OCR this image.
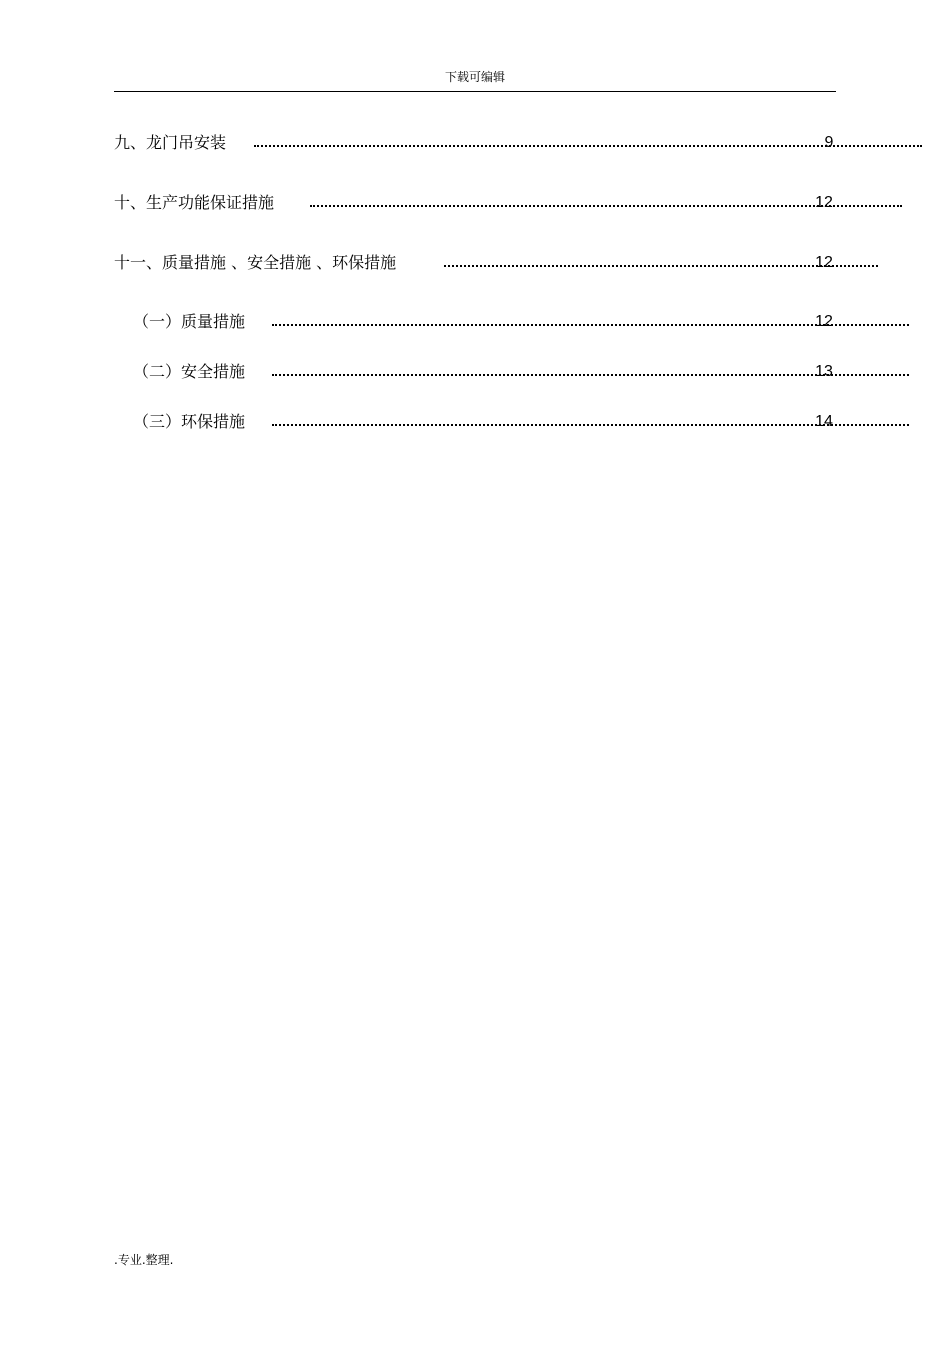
下载可编辑
九、龙门吊安装	9
十、生产功能保证措施	12
十一、质量措施 、安全措施 、环保措施	12
（一）质量措施	12
（二）安全措施	13
（三）环保措施	14
.专业.整理.
